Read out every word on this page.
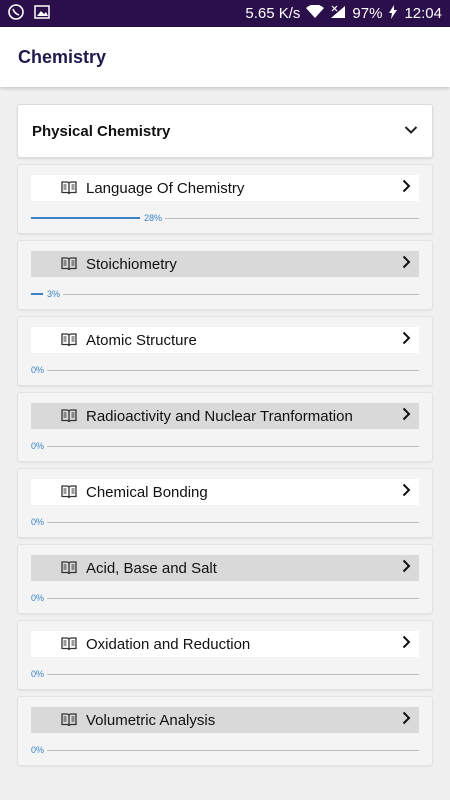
5.65 K/s	97% 12:04
Chemistry
Physical Chemistry
Language Of Chemistry
28%
Stoichiometry
3%
Atomic Structure
0%
Radioactivity and Nuclear Tranformation
0%
Chemical Bonding
0%
Acid, Base and Salt
0%
Oxidation and Reduction
0%
Volumetric Analysis
0%
